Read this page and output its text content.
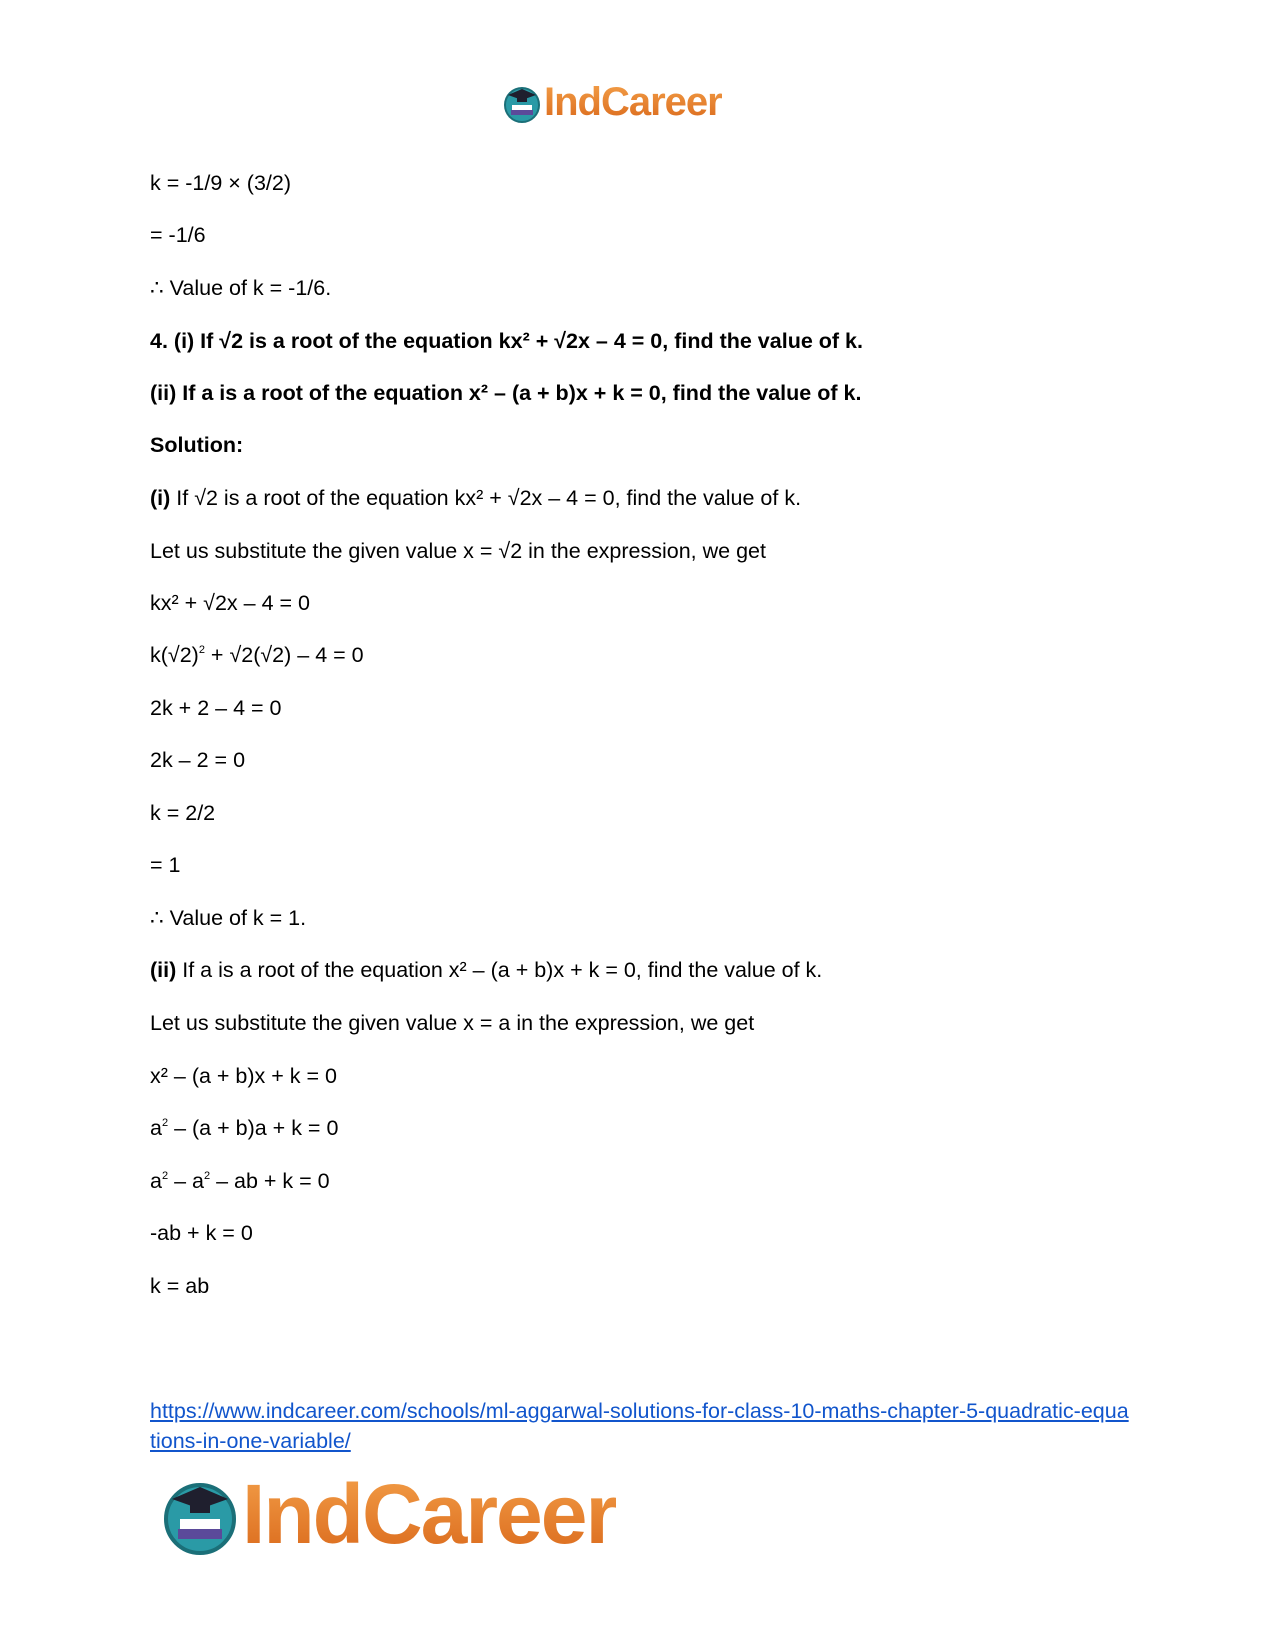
IndCareer
k = -1/9 × (3/2)
= -1/6
∴ Value of k = -1/6.
4. (i) If √2 is a root of the equation kx² + √2x – 4 = 0, find the value of k.
(ii) If a is a root of the equation x² – (a + b)x + k = 0, find the value of k.
Solution:
(i) If √2 is a root of the equation kx² + √2x – 4 = 0, find the value of k.
Let us substitute the given value x = √2 in the expression, we get
kx² + √2x – 4 = 0
$k(√2)^2 + √2(√2) - 4 = 0$
2k + 2 – 4 = 0
2k – 2 = 0
k = 2/2
= 1
∴ Value of k = 1.
(ii) If a is a root of the equation x² – (a + b)x + k = 0, find the value of k.
Let us substitute the given value x = a in the expression, we get
x² – (a + b)x + k = 0
$a^2 - (a + b)a + k = 0$
$a^2 - a^2$ – ab + k = 0
-ab + k = 0
k = ab
https://www.indcareer.com/schools/ml-aggarwal-solutions-for-class-10-maths-chapter-5-quadratic-equations-in-one-variable/
IndCareer
